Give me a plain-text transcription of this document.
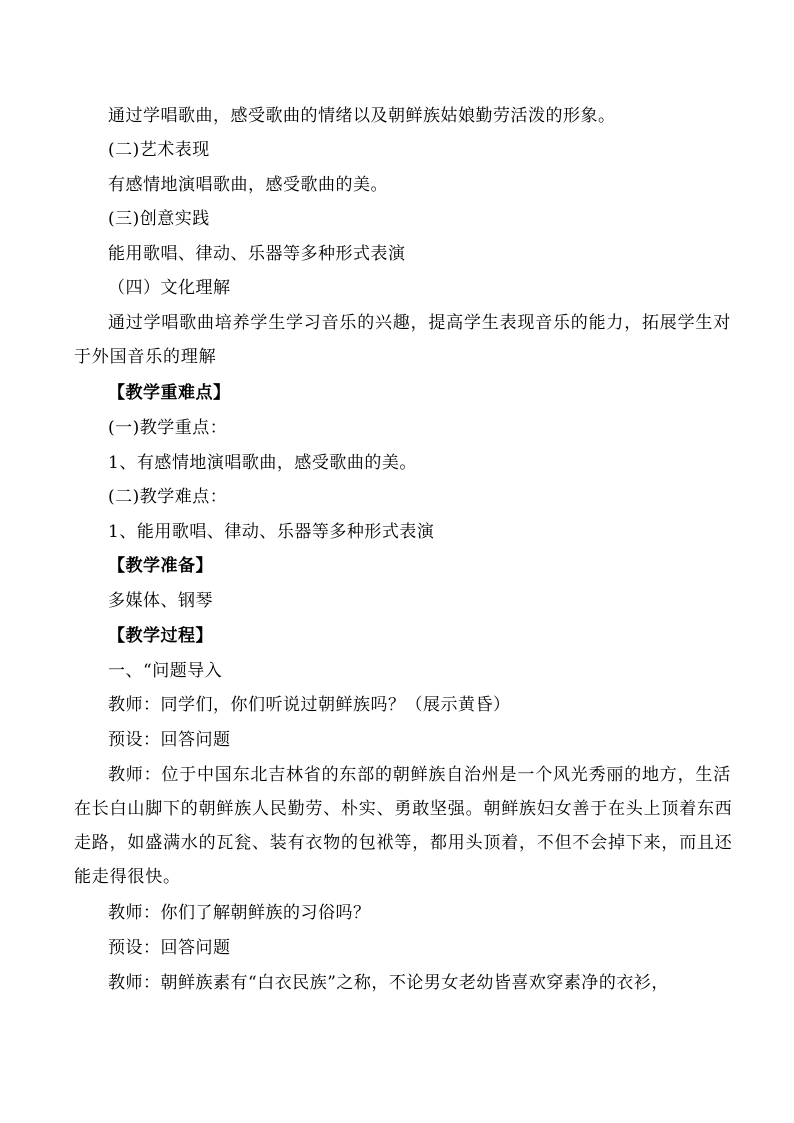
通过学唱歌曲，感受歌曲的情绪以及朝鲜族姑娘勤劳活泼的形象。
(二)艺术表现
有感情地演唱歌曲，感受歌曲的美。
(三)创意实践
能用歌唱、律动、乐器等多种形式表演
（四）文化理解
通过学唱歌曲培养学生学习音乐的兴趣，提高学生表现音乐的能力，拓展学生对于外国音乐的理解
【教学重难点】
(一)教学重点：
1、有感情地演唱歌曲，感受歌曲的美。
(二)教学难点：
1、能用歌唱、律动、乐器等多种形式表演
【教学准备】
多媒体、钢琴
【教学过程】
一、“问题导入
教师：同学们，你们听说过朝鲜族吗？（展示黄昏）
预设：回答问题
教师：位于中国东北吉林省的东部的朝鲜族自治州是一个风光秀丽的地方，生活在长白山脚下的朝鲜族人民勤劳、朴实、勇敢坚强。朝鲜族妇女善于在头上顶着东西走路，如盛满水的瓦瓮、装有衣物的包袱等，都用头顶着，不但不会掉下来，而且还能走得很快。
教师：你们了解朝鲜族的习俗吗？
预设：回答问题
教师：朝鲜族素有“白衣民族”之称，不论男女老幼皆喜欢穿素净的衣衫，
